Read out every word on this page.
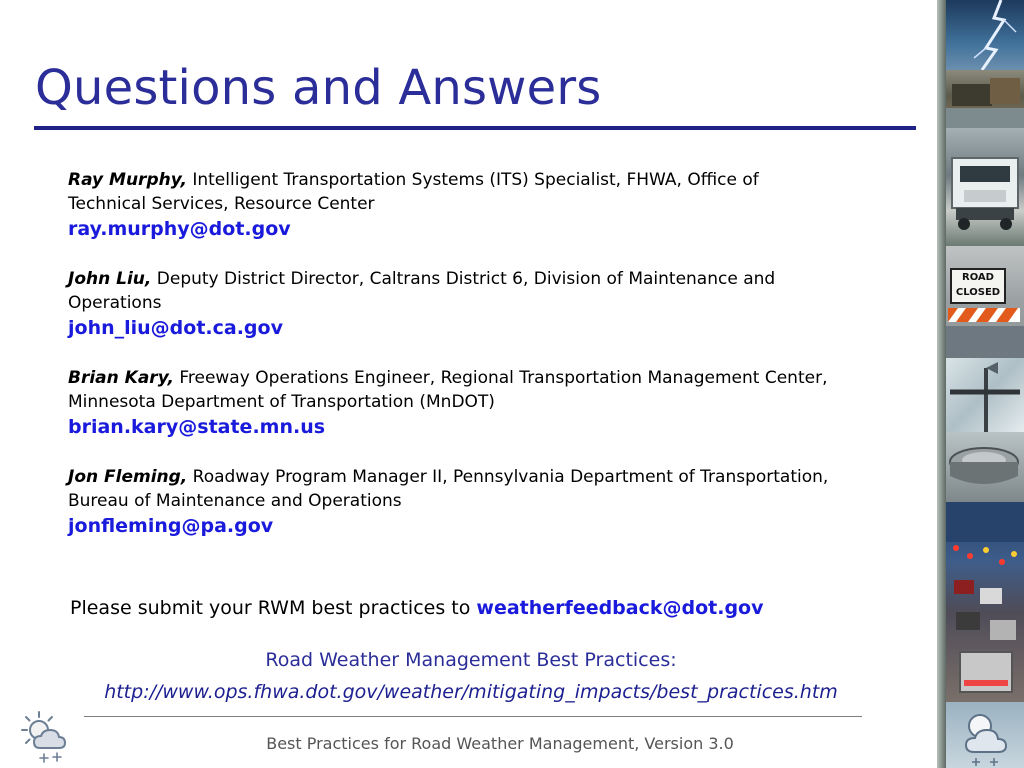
Questions and Answers
Ray Murphy, Intelligent Transportation Systems (ITS) Specialist, FHWA, Office of
Technical Services, Resource Center
ray.murphy@dot.gov
John Liu, Deputy District Director, Caltrans District 6, Division of Maintenance and
Operations
john_liu@dot.ca.gov
Brian Kary, Freeway Operations Engineer, Regional Transportation Management Center,
Minnesota Department of Transportation (MnDOT)
brian.kary@state.mn.us
Jon Fleming, Roadway Program Manager II, Pennsylvania Department of Transportation,
Bureau of Maintenance and Operations
jonfleming@pa.gov
Please submit your RWM best practices to weatherfeedback@dot.gov
Road Weather Management Best Practices:
http://www.ops.fhwa.dot.gov/weather/mitigating_impacts/best_practices.htm
Best Practices for Road Weather Management, Version 3.0
ROAD
CLOSED
